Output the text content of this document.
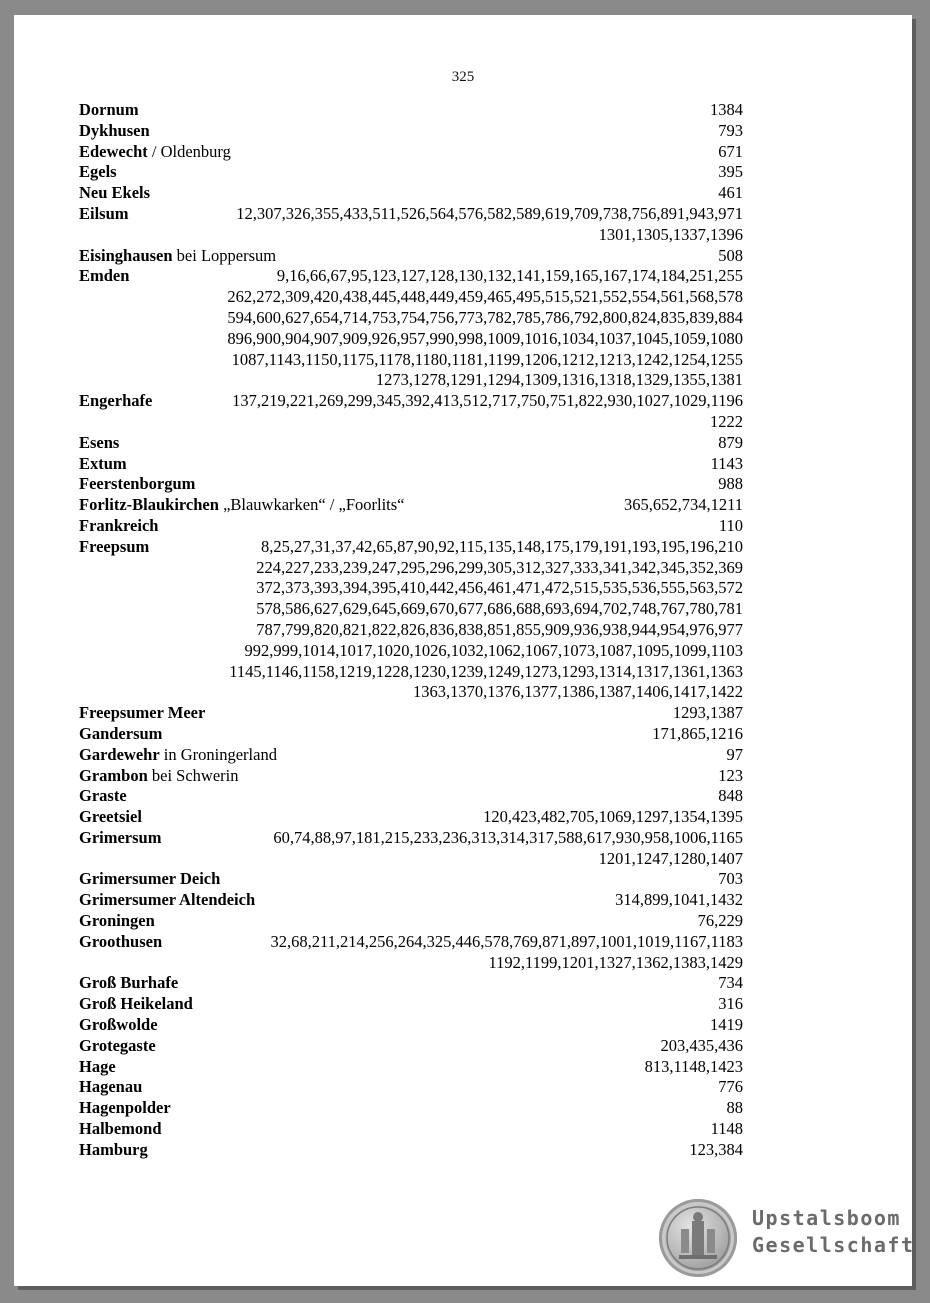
325
Dornum	1384
Dykhusen	793
Edewecht / Oldenburg	671
Egels	395
Neu Ekels	461
Eilsum	12,307,326,355,433,511,526,564,576,582,589,619,709,738,756,891,943,971
1301,1305,1337,1396
Eisinghausen bei Loppersum	508
Emden	9,16,66,67,95,123,127,128,130,132,141,159,165,167,174,184,251,255
262,272,309,420,438,445,448,449,459,465,495,515,521,552,554,561,568,578
594,600,627,654,714,753,754,756,773,782,785,786,792,800,824,835,839,884
896,900,904,907,909,926,957,990,998,1009,1016,1034,1037,1045,1059,1080
1087,1143,1150,1175,1178,1180,1181,1199,1206,1212,1213,1242,1254,1255
1273,1278,1291,1294,1309,1316,1318,1329,1355,1381
Engerhafe	137,219,221,269,299,345,392,413,512,717,750,751,822,930,1027,1029,1196
1222
Esens	879
Extum	1143
Feerstenborgum	988
Forlitz-Blaukirchen „Blauwkarken“ / „Foorlits“	365,652,734,1211
Frankreich	110
Freepsum	8,25,27,31,37,42,65,87,90,92,115,135,148,175,179,191,193,195,196,210
224,227,233,239,247,295,296,299,305,312,327,333,341,342,345,352,369
372,373,393,394,395,410,442,456,461,471,472,515,535,536,555,563,572
578,586,627,629,645,669,670,677,686,688,693,694,702,748,767,780,781
787,799,820,821,822,826,836,838,851,855,909,936,938,944,954,976,977
992,999,1014,1017,1020,1026,1032,1062,1067,1073,1087,1095,1099,1103
1145,1146,1158,1219,1228,1230,1239,1249,1273,1293,1314,1317,1361,1363
1363,1370,1376,1377,1386,1387,1406,1417,1422
Freepsumer Meer	1293,1387
Gandersum	171,865,1216
Gardewehr in Groningerland	97
Grambon bei Schwerin	123
Graste	848
Greetsiel	120,423,482,705,1069,1297,1354,1395
Grimersum	60,74,88,97,181,215,233,236,313,314,317,588,617,930,958,1006,1165
1201,1247,1280,1407
Grimersumer Deich	703
Grimersumer Altendeich	314,899,1041,1432
Groningen	76,229
Groothusen	32,68,211,214,256,264,325,446,578,769,871,897,1001,1019,1167,1183
1192,1199,1201,1327,1362,1383,1429
Groß Burhafe	734
Groß Heikeland	316
Großwolde	1419
Grotegaste	203,435,436
Hage	813,1148,1423
Hagenau	776
Hagenpolder	88
Halbemond	1148
Hamburg	123,384
Upstalsboom
Gesellschaft
